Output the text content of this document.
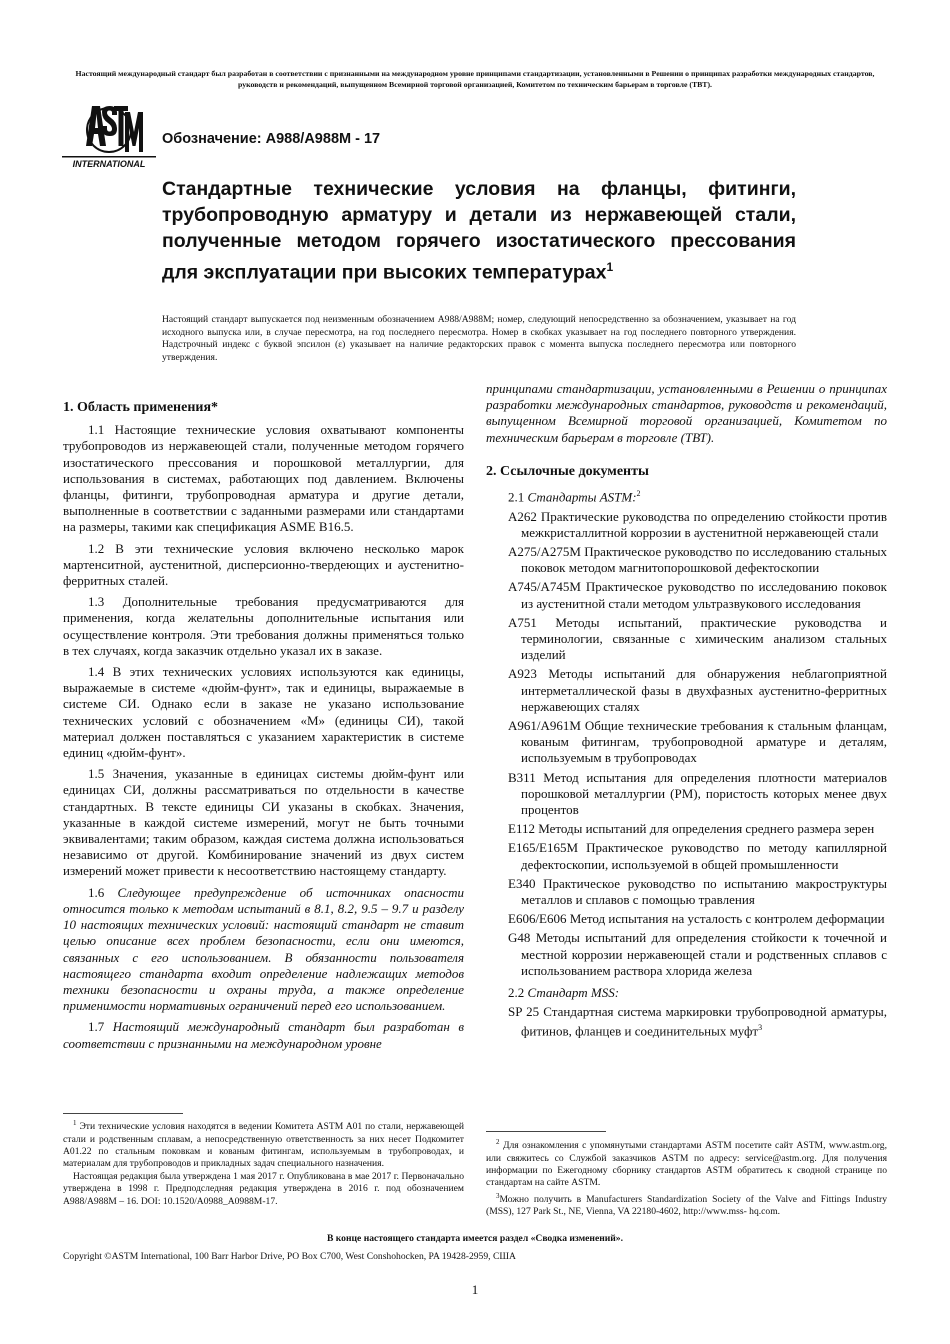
Настоящий международный стандарт был разработан в соответствии с признанными на международном уровне принципами стандартизации, установленными в Решении о принципах разработки международных стандартов, руководств и рекомендаций, выпущенном Всемирной торговой организацией, Комитетом по техническим барьерам в торговле (ТВТ).
INTERNATIONAL
Обозначение: A988/A988M - 17
Стандартные технические условия на фланцы, фитинги, трубопроводную арматуру и детали из нержавеющей стали, полученные методом горячего изостатического прессования для эксплуатации при высоких температурах$^1$
Настоящий стандарт выпускается под неизменным обозначением A988/A988M; номер, следующий непосредственно за обозначением, указывает на год исходного выпуска или, в случае пересмотра, на год последнего пересмотра. Номер в скобках указывает на год последнего повторного утверждения. Надстрочный индекс с буквой эпсилон (ε) указывает на наличие редакторских правок с момента выпуска последнего пересмотра или повторного утверждения.
1. Область применения*

1.1 Настоящие технические условия охватывают компоненты трубопроводов из нержавеющей стали, полученные методом горячего изостатического прессования и порошковой металлургии, для использования в системах, работающих под давлением. Включены фланцы, фитинги, трубопроводная арматура и другие детали, выполненные в соответствии с заданными размерами или стандартами на размеры, такими как спецификация ASME B16.5.

1.2 В эти технические условия включено несколько марок мартенситной, аустенитной, дисперсионно-твердеющих и аустенитно-ферритных сталей.

1.3 Дополнительные требования предусматриваются для применения, когда желательны дополнительные испытания или осуществление контроля. Эти требования должны применяться только в тех случаях, когда заказчик отдельно указал их в заказе.

1.4 В этих технических условиях используются как единицы, выражаемые в системе «дюйм-фунт», так и единицы, выражаемые в системе СИ. Однако если в заказе не указано использование технических условий с обозначением «М» (единицы СИ), такой материал должен поставляться с указанием характеристик в системе единиц «дюйм-фунт».

1.5 Значения, указанные в единицах системы дюйм-фунт или единицах СИ, должны рассматриваться по отдельности в качестве стандартных. В тексте единицы СИ указаны в скобках. Значения, указанные в каждой системе измерений, могут не быть точными эквивалентами; таким образом, каждая система должна использоваться независимо от другой. Комбинирование значений из двух систем измерений может привести к несоответствию настоящему стандарту.

1.6 Следующее предупреждение об источниках опасности относится только к методам испытаний в 8.1, 8.2, 9.5 – 9.7 и разделу 10 настоящих технических условий: настоящий стандарт не ставит целью описание всех проблем безопасности, если они имеются, связанных с его использованием. В обязанности пользователя настоящего стандарта входит определение надлежащих методов техники безопасности и охраны труда, а также определение применимости нормативных ограничений перед его использованием.

1.7 Настоящий международный стандарт был разработан в соответствии с признанными на международном уровне

$^1$ Эти технические условия находятся в ведении Комитета ASTM A01 по стали, нержавеющей стали и родственным сплавам, а непосредственную ответственность за них несет Подкомитет A01.22 по стальным поковкам и кованым фитингам, используемым в трубопроводах, и материалам для трубопроводов и прикладных задач специального назначения.

Настоящая редакция была утверждена 1 мая 2017 г. Опубликована в мае 2017 г. Первоначально утверждена в 1998 г. Предподследняя редакция утверждена в 2016 г. под обозначением A988/A988M – 16. DOI: 10.1520/A0988_A0988M-17.

принципами стандартизации, установленными в Решении о принципах разработки международных стандартов, руководств и рекомендаций, выпущенном Всемирной торговой организацией, Комитетом по техническим барьерам в торговле (ТВТ).

2. Ссылочные документы
2.1 Стандарты ASTM:$^2$
A262 Практические руководства по определению стойкости против межкристаллитной коррозии в аустенитной нержавеющей стали
A275/A275M Практическое руководство по исследованию стальных поковок методом магнитопорошковой дефектоскопии
A745/A745M Практическое руководство по исследованию поковок из аустенитной стали методом ультразвукового исследования
A751 Методы испытаний, практические руководства и терминологии, связанные с химическим анализом стальных изделий
A923 Методы испытаний для обнаружения неблагоприятной интерметаллической фазы в двухфазных аустенитно-ферритных нержавеющих сталях
A961/A961M Общие технические требования к стальным фланцам, кованым фитингам, трубопроводной арматуре и деталям, используемым в трубопроводах
B311 Метод испытания для определения плотности материалов порошковой металлургии (PM), пористость которых менее двух процентов
E112 Методы испытаний для определения среднего размера зерен
E165/E165M Практическое руководство по методу капиллярной дефектоскопии, используемой в общей промышленности
E340 Практическое руководство по испытанию макроструктуры металлов и сплавов с помощью травления
E606/E606 Метод испытания на усталость с контролем деформации
G48 Методы испытаний для определения стойкости к точечной и местной коррозии нержавеющей стали и родственных сплавов с использованием раствора хлорида железа
2.2 Стандарт MSS:
SP 25 Стандартная система маркировки трубопроводной арматуры, фитинов, фланцев и соединительных муфт$^3$

$^2$ Для ознакомления с упомянутыми стандартами ASTM посетите сайт ASTM, www.astm.org, или свяжитесь со Службой заказчиков ASTM по адресу: service@astm.org. Для получения информации по Ежегодному сборнику стандартов ASTM обратитесь к сводной странице по стандартам на сайте ASTM.

$^3$Можно получить в Manufacturers Standardization Society of the Valve and Fittings Industry (MSS), 127 Park St., NE, Vienna, VA 22180-4602, http://www.mss- hq.com.

В конце настоящего стандарта имеется раздел «Сводка изменений».
Copyright ©ASTM International, 100 Barr Harbor Drive, PO Box C700, West Conshohocken, PA 19428-2959, США
1
